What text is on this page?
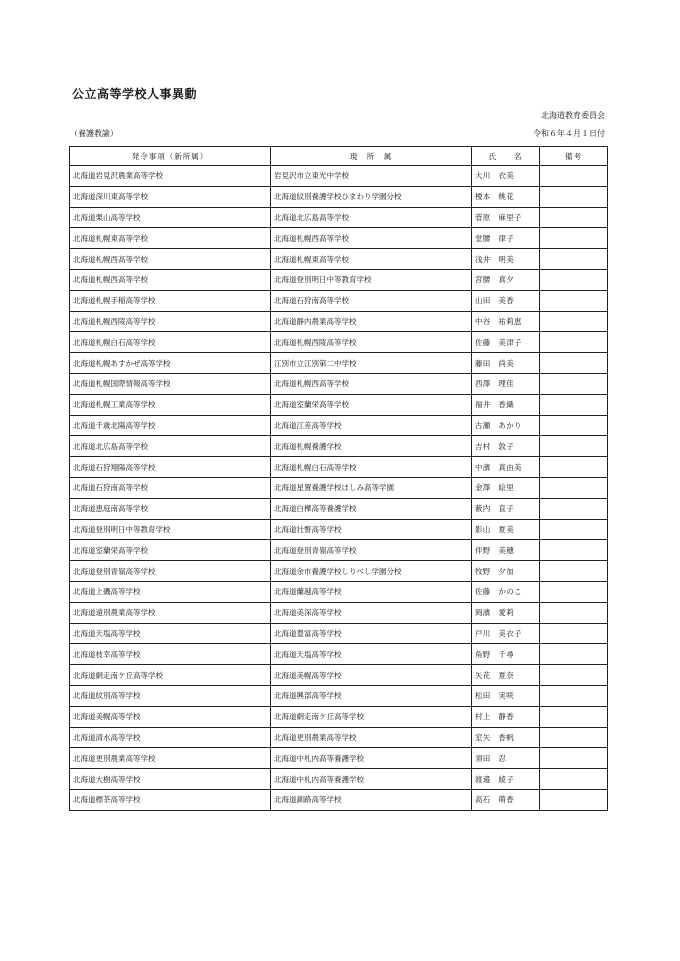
公立高等学校人事異動
北海道教育委員会
（養護教諭）	令和６年４月１日付
発令事項（新所属）	現　所　属	氏　　名	備考
北海道岩見沢農業高等学校	岩見沢市立東光中学校	大川　衣美	
北海道深川東高等学校	北海道紋別養護学校ひまわり学園分校	榎本　桃花	
北海道栗山高等学校	北海道北広島高等学校	菅原　麻里子	
北海道札幌東高等学校	北海道札幌西高等学校	堂腰　律子	
北海道札幌西高等学校	北海道札幌東高等学校	浅井　明美	
北海道札幌西高等学校	北海道登別明日中等教育学校	宮腰　真夕	
北海道札幌手稲高等学校	北海道石狩南高等学校	山田　美香	
北海道札幌西陵高等学校	北海道静内農業高等学校	中谷　祐莉恵	
北海道札幌白石高等学校	北海道札幌西陵高等学校	佐藤　美津子	
北海道札幌あすかぜ高等学校	江別市立江別第二中学校	藤田　尚美	
北海道札幌国際情報高等学校	北海道札幌西高等学校	西澤　理佳	
北海道札幌工業高等学校	北海道室蘭栄高等学校	福井　香織	
北海道千歳北陽高等学校	北海道江差高等学校	古瀬　あかり	
北海道北広島高等学校	北海道札幌養護学校	吉村　敦子	
北海道石狩翔陽高等学校	北海道札幌白石高等学校	中濱　真由美	
北海道石狩南高等学校	北海道星置養護学校ほしみ高等学園	金澤　絵里	
北海道恵庭南高等学校	北海道白樺高等養護学校	薮内　直子	
北海道登別明日中等教育学校	北海道壮瞥高等学校	影山　夏美	
北海道室蘭栄高等学校	北海道登別青嶺高等学校	伴野　美穂	
北海道登別青嶺高等学校	北海道余市養護学校しりべし学園分校	牧野　夕加	
北海道上磯高等学校	北海道蘭越高等学校	佐藤　かのこ	
北海道遠別農業高等学校	北海道美深高等学校	岡濱　愛莉	
北海道天塩高等学校	北海道豊富高等学校	戸川　美衣子	
北海道枝幸高等学校	北海道天塩高等学校	角野　千尋	
北海道網走南ケ丘高等学校	北海道美幌高等学校	矢花　夏奈	
北海道紋別高等学校	北海道興部高等学校	松田　実咲	
北海道美幌高等学校	北海道網走南ケ丘高等学校	村上　静香	
北海道清水高等学校	北海道更別農業高等学校	室矢　香帆	
北海道更別農業高等学校	北海道中札内高等養護学校	須田　忍	
北海道大樹高等学校	北海道中札内高等養護学校	渡邉　綾子	
北海道標茶高等学校	北海道釧路高等学校	高石　萌香	
